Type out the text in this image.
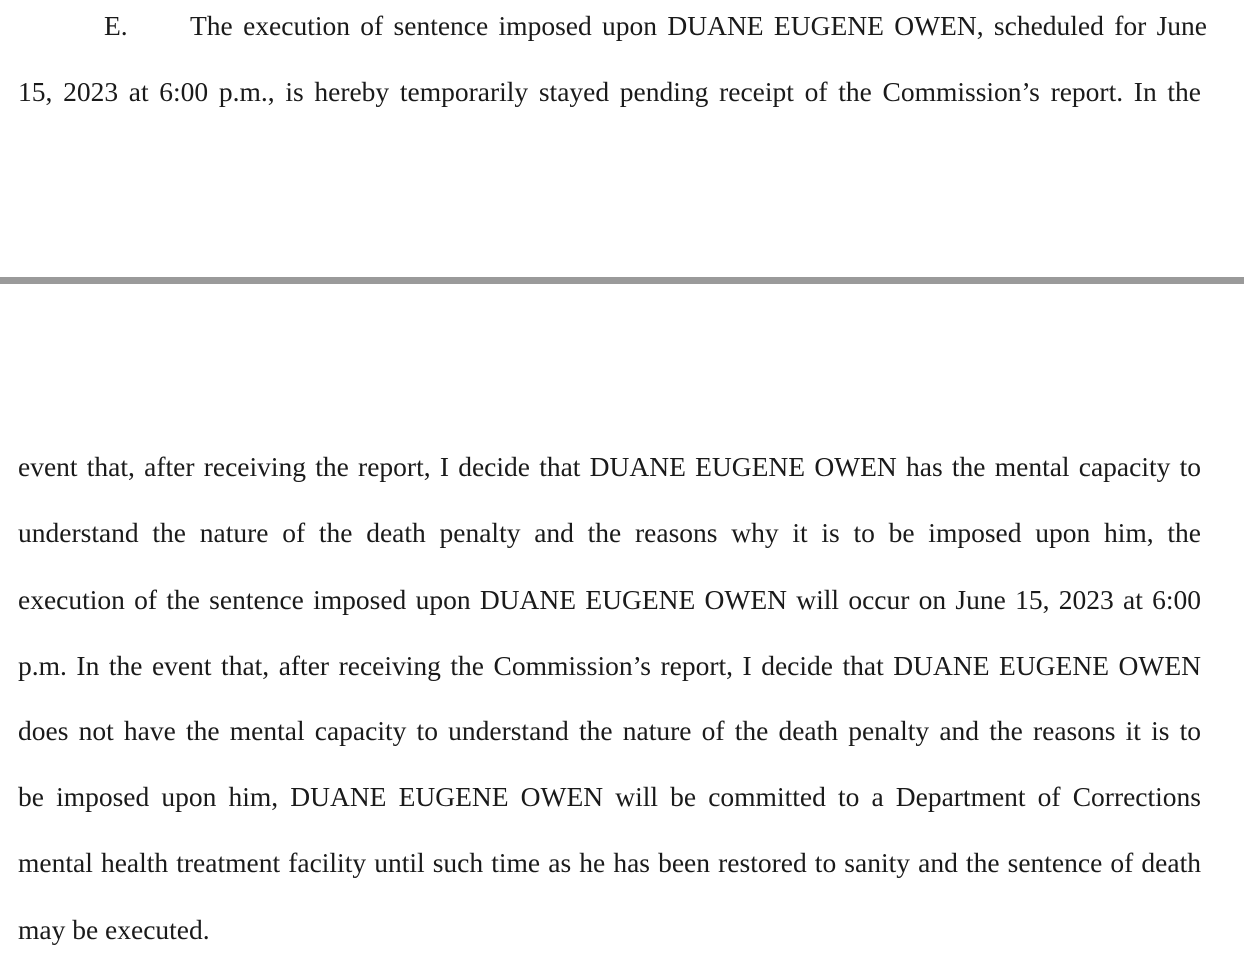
E. The execution of sentence imposed upon DUANE EUGENE OWEN, scheduled for June
15, 2023 at 6:00 p.m., is hereby temporarily stayed pending receipt of the Commission’s report. In the
event that, after receiving the report, I decide that DUANE EUGENE OWEN has the mental capacity to
understand the nature of the death penalty and the reasons why it is to be imposed upon him, the
execution of the sentence imposed upon DUANE EUGENE OWEN will occur on June 15, 2023 at 6:00
p.m. In the event that, after receiving the Commission’s report, I decide that DUANE EUGENE OWEN
does not have the mental capacity to understand the nature of the death penalty and the reasons it is to
be imposed upon him, DUANE EUGENE OWEN will be committed to a Department of Corrections
mental health treatment facility until such time as he has been restored to sanity and the sentence of death
may be executed.
